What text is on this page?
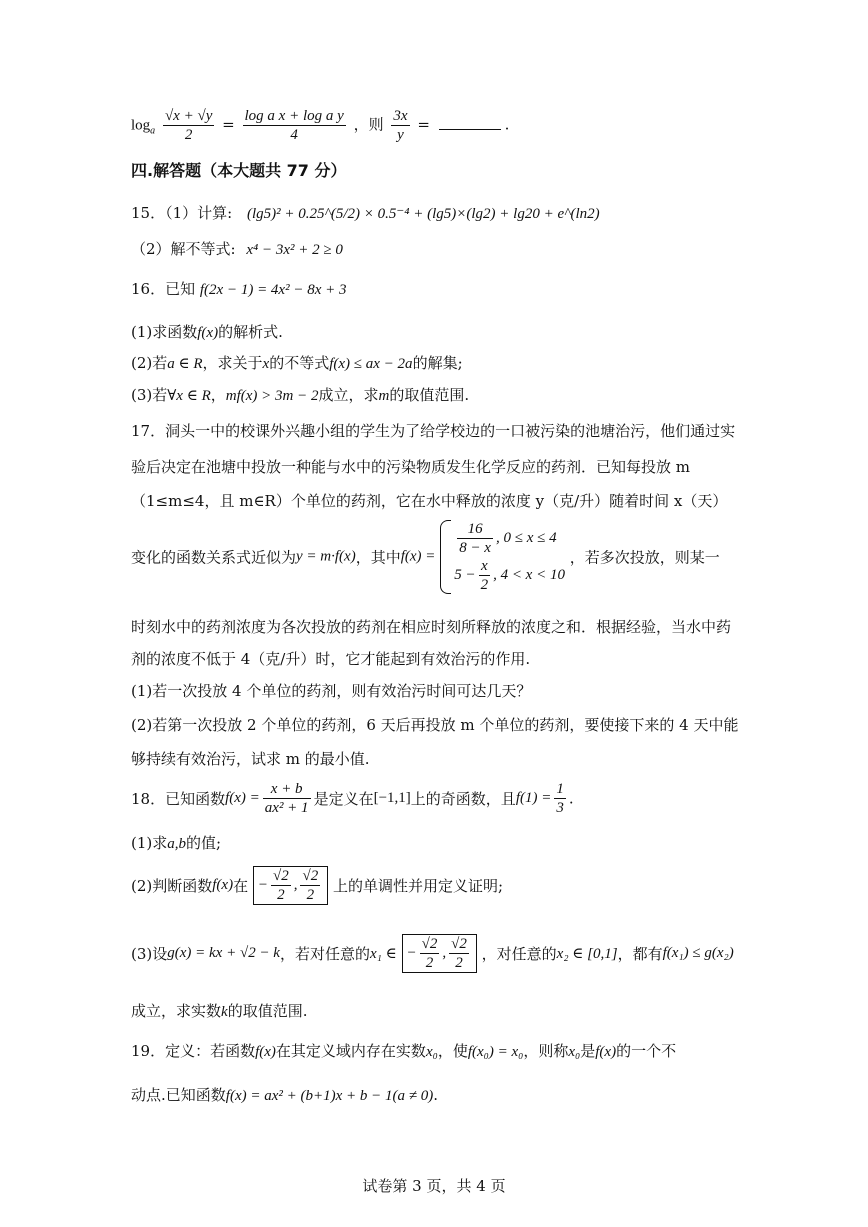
$\log_a \frac{√x + √y}{2} = \frac{\text{log a x + log a y}}{4}$ ，则 $\frac{3x}{y}$ =	.
四.解答题（本大题共 77 分）
15．（1）计算: (lg5)² + 0.25^(5/2) × 0.5⁻⁴ + (lg5)×(lg2) + lg20 + e^(ln2)
（2）解不等式: x⁴ − 3x² + 2 ≥ 0
16．已知 f(2x − 1) = 4x² − 8x + 3
(1)求函数f(x)的解析式.
(2)若a ∈ R，求关于x的不等式f(x) ≤ ax − 2a的解集;
(3)若∀x ∈ R，mf(x) > 3m − 2成立，求m的取值范围.
17．洞头一中的校课外兴趣小组的学生为了给学校边的一口被污染的池塘治污，他们通过实
验后决定在池塘中投放一种能与水中的污染物质发生化学反应的药剂．已知每投放 m
（1≤m≤4，且 m∈R）个单位的药剂，它在水中释放的浓度 y（克/升）随着时间 x（天）
变化的函数关系式近似为y = m·f(x)，其中$f(x) = \frac{16}{8 - x}$ , 0 ≤ x ≤ 4
$5 - \frac{x}{2}$ , 4 < x < 10
，若多次投放，则某一
时刻水中的药剂浓度为各次投放的药剂在相应时刻所释放的浓度之和．根据经验，当水中药
剂的浓度不低于 4（克/升）时，它才能起到有效治污的作用.
(1)若一次投放 4 个单位的药剂，则有效治污时间可达几天？
(2)若第一次投放 2 个单位的药剂，6 天后再投放 m 个单位的药剂，要使接下来的 4 天中能
够持续有效治污，试求 m 的最小值.
18．已知函数$f(x) = \frac{x + b}{\text{ax² + 1}}$ 是定义在[−1,1]上的奇函数，且$f(1) = \frac{1}{3}$ .
(1)求a,b的值;
(2)判断函数f(x)在 − $\frac{√2}{2}$ , $\frac{√2}{2}$ 上的单调性并用定义证明;
(3)设g(x) = kx + √2 − k，若对任意的x₁ ∈ − $\frac{√2}{2}$ , $\frac{√2}{2}$ ，对任意的x₂ ∈ [0,1]，都有f(x₁) ≤ g(x₂)
成立，求实数k的取值范围.
19．定义：若函数f(x)在其定义域内存在实数x₀，使f(x₀) = x₀，则称x₀是f(x)的一个不
动点.已知函数f(x) = ax² + (b+1)x + b − 1(a ≠ 0).
试卷第 3 页，共 4 页
